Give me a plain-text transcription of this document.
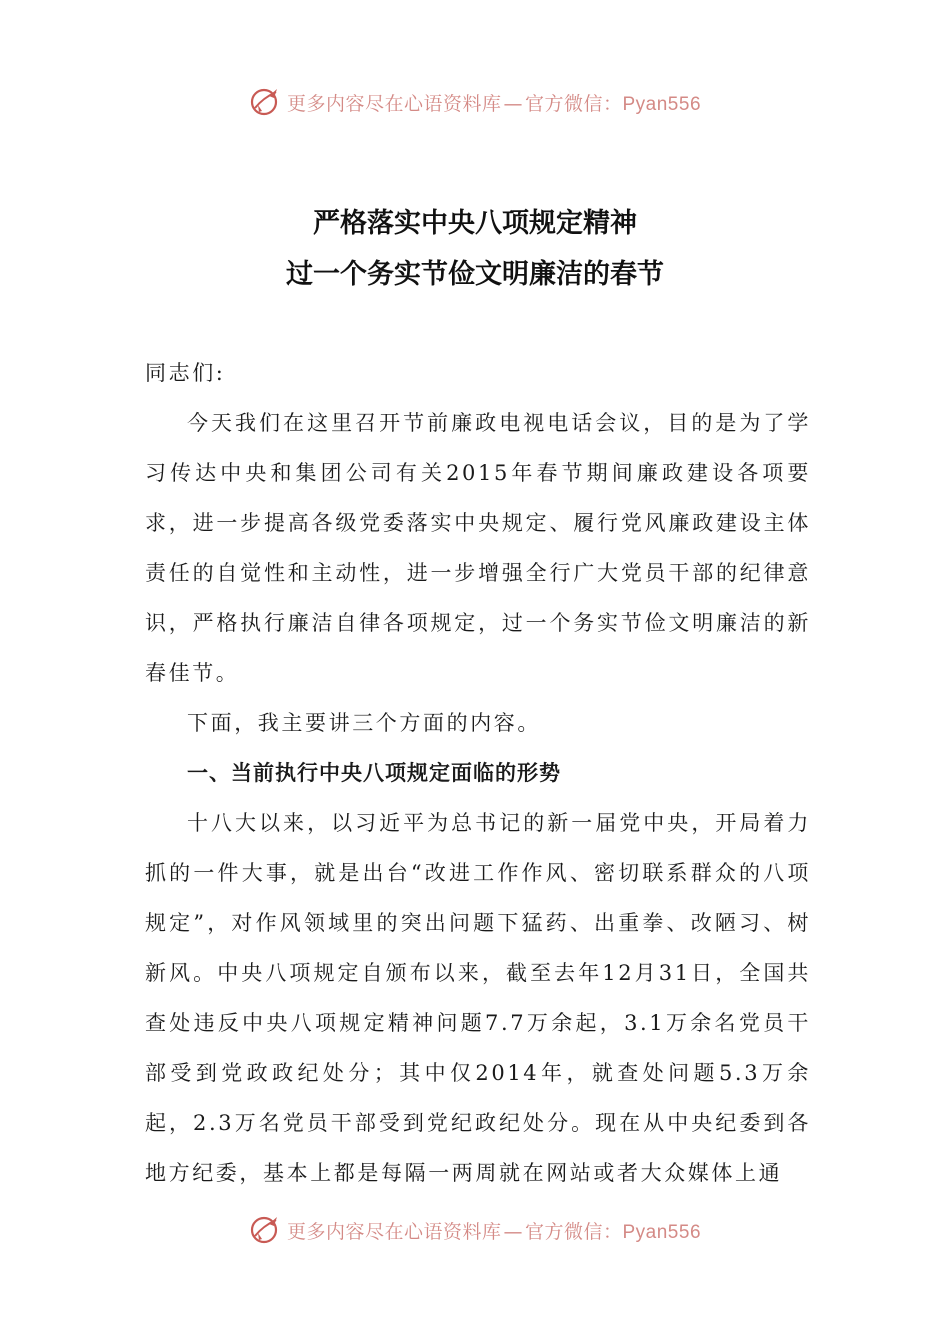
更多内容尽在心语资料库 — 官方微信：Pyan556
严格落实中央八项规定精神
过一个务实节俭文明廉洁的春节

同志们:

今天我们在这里召开节前廉政电视电话会议，目的是为了学习传达中央和集团公司有关2015年春节期间廉政建设各项要求，进一步提高各级党委落实中央规定、履行党风廉政建设主体责任的自觉性和主动性，进一步增强全行广大党员干部的纪律意识，严格执行廉洁自律各项规定，过一个务实节俭文明廉洁的新春佳节。

下面，我主要讲三个方面的内容。

一、当前执行中央八项规定面临的形势

十八大以来，以习近平为总书记的新一届党中央，开局着力抓的一件大事，就是出台“改进工作作风、密切联系群众的八项规定”，对作风领域里的突出问题下猛药、出重拳、改陋习、树新风。中央八项规定自颁布以来，截至去年12月31日，全国共查处违反中央八项规定精神问题7.7万余起，3.1万余名党员干部受到党政政纪处分；其中仅2014年，就查处问题5.3万余起，2.3万名党员干部受到党纪政纪处分。现在从中央纪委到各地方纪委，基本上都是每隔一两周就在网站或者大众媒体上通

更多内容尽在心语资料库 — 官方微信：Pyan556
